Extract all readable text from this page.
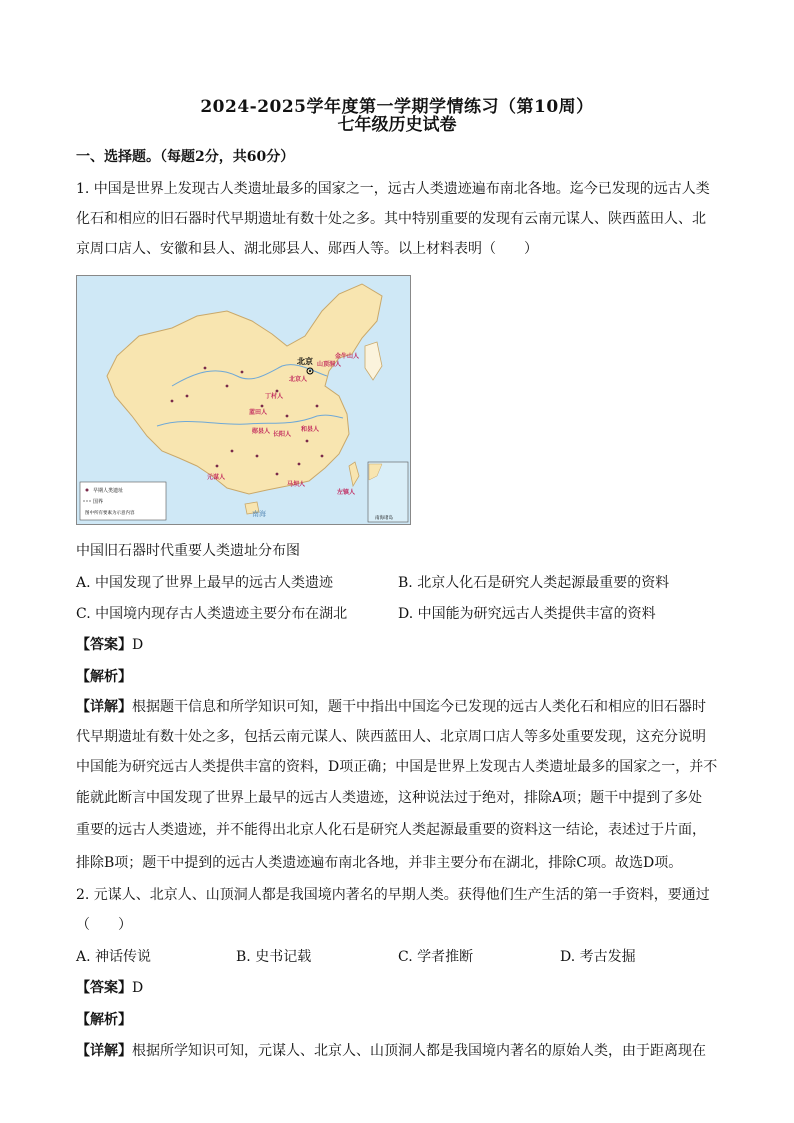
2024-2025学年度第一学期学情练习（第10周）
七年级历史试卷
一、选择题。（每题2分，共60分）
1. 中国是世界上发现古人类遗址最多的国家之一，远古人类遗迹遍布南北各地。迄今已发现的远古人类
化石和相应的旧石器时代早期遗址有数十处之多。其中特别重要的发现有云南元谋人、陕西蓝田人、北
京周口店人、安徽和县人、湖北郧县人、郧西人等。以上材料表明（　　）
北京	金牛山人
山顶洞人
北京人
丁村人
蓝田人
郧县人 长阳人
和县人
元谋人
马坝人
左镇人
早期人类遗址
国界
图中所有要素为示意内容
南海诸岛
南海
中国旧石器时代重要人类遗址分布图
A. 中国发现了世界上最早的远古人类遗迹	B. 北京人化石是研究人类起源最重要的资料
C. 中国境内现存古人类遗迹主要分布在湖北	D. 中国能为研究远古人类提供丰富的资料
【答案】D
【解析】
【详解】根据题干信息和所学知识可知，题干中指出中国迄今已发现的远古人类化石和相应的旧石器时
代早期遗址有数十处之多，包括云南元谋人、陕西蓝田人、北京周口店人等多处重要发现，这充分说明
中国能为研究远古人类提供丰富的资料，D项正确；中国是世界上发现古人类遗址最多的国家之一，并不
能就此断言中国发现了世界上最早的远古人类遗迹，这种说法过于绝对，排除A项；题干中提到了多处
重要的远古人类遗迹，并不能得出北京人化石是研究人类起源最重要的资料这一结论，表述过于片面，
排除B项；题干中提到的远古人类遗迹遍布南北各地，并非主要分布在湖北，排除C项。故选D项。
2. 元谋人、北京人、山顶洞人都是我国境内著名的早期人类。获得他们生产生活的第一手资料，要通过
（　　）
A. 神话传说	B. 史书记载	C. 学者推断	D. 考古发掘
【答案】D
【解析】
【详解】根据所学知识可知，元谋人、北京人、山顶洞人都是我国境内著名的原始人类，由于距离现在
